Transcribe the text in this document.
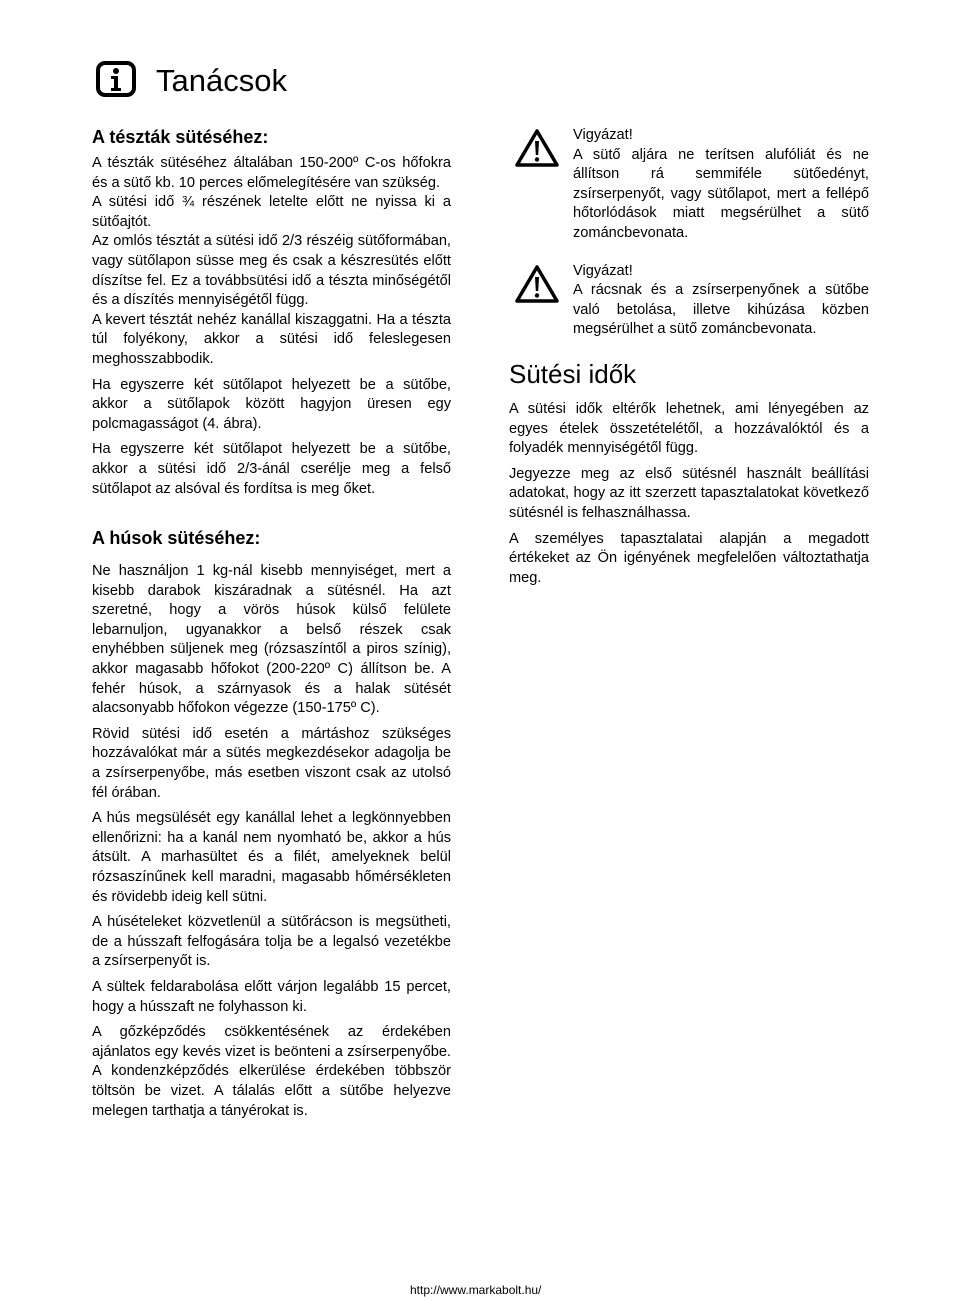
Tanácsok
A tészták sütéséhez:

A tészták sütéséhez általában 150-200º C-os hőfokra és a sütő kb. 10 perces előmelegítésére van szükség.

A sütési idő ¾ részének letelte előtt ne nyissa ki a sütőajtót.

Az omlós tésztát a sütési idő 2/3 részéig sütőformában, vagy sütőlapon süsse meg és csak a készresütés előtt díszítse fel. Ez a továbbsütési idő a tészta minőségétől és a díszítés mennyiségétől függ.

A kevert tésztát nehéz kanállal kiszaggatni. Ha a tészta túl folyékony, akkor a sütési idő feleslegesen meghosszabbodik.

Ha egyszerre két sütőlapot helyezett be a sütőbe, akkor a sütőlapok között hagyjon üresen egy polcmagasságot (4. ábra).

Ha egyszerre két sütőlapot helyezett be a sütőbe, akkor a sütési idő 2/3-ánál cserélje meg a felső sütőlapot az alsóval és fordítsa is meg őket.

A húsok sütéséhez:

Ne használjon 1 kg-nál kisebb mennyiséget, mert a kisebb darabok kiszáradnak a sütésnél. Ha azt szeretné, hogy a vörös húsok külső felülete lebarnuljon, ugyanakkor a belső részek csak enyhébben süljenek meg (rózsaszíntől a piros színig), akkor magasabb hőfokot (200-220º C) állítson be. A fehér húsok, a szárnyasok és a halak sütését alacsonyabb hőfokon végezze (150-175º C).

Rövid sütési idő esetén a mártáshoz szükséges hozzávalókat már a sütés megkezdésekor adagolja be a zsírserpenyőbe, más esetben viszont csak az utolsó fél órában.

A hús megsülését egy kanállal lehet a legkönnyebben ellenőrizni: ha a kanál nem nyomható be, akkor a hús átsült. A marhasültet és a filét, amelyeknek belül rózsaszínűnek kell maradni, magasabb hőmérsékleten és rövidebb ideig kell sütni.

A húsételeket közvetlenül a sütőrácson is megsütheti, de a hússzaft felfogására tolja be a legalsó vezetékbe a zsírserpenyőt is.

A sültek feldarabolása előtt várjon legalább 15 percet, hogy a hússzaft ne folyhasson ki.

A gőzképződés csökkentésének az érdekében ajánlatos egy kevés vizet is beönteni a zsírserpenyőbe. A kondenzképződés elkerülése érdekében többször töltsön be vizet. A tálalás előtt a sütőbe helyezve melegen tarthatja a tányérokat is.

Vigyázat!

A sütő aljára ne terítsen alufóliát és ne állítson rá semmiféle sütőedényt, zsírserpenyőt, vagy sütőlapot, mert a fellépő hőtorlódások miatt megsérülhet a sütő zománcbevonata.

Vigyázat!

A rácsnak és a zsírserpenyőnek a sütőbe való betolása, illetve kihúzása közben megsérülhet a sütő zománcbevonata.

Sütési idők

A sütési idők eltérők lehetnek, ami lényegében az egyes ételek összetételétől, a hozzávalóktól és a folyadék mennyiségétől függ.

Jegyezze meg az első sütésnél használt beállítási adatokat, hogy az itt szerzett tapasztalatokat következő sütésnél is felhasználhassa.

A személyes tapasztalatai alapján a megadott értékeket az Ön igényének megfelelően változtathatja meg.

http://www.markabolt.hu/
